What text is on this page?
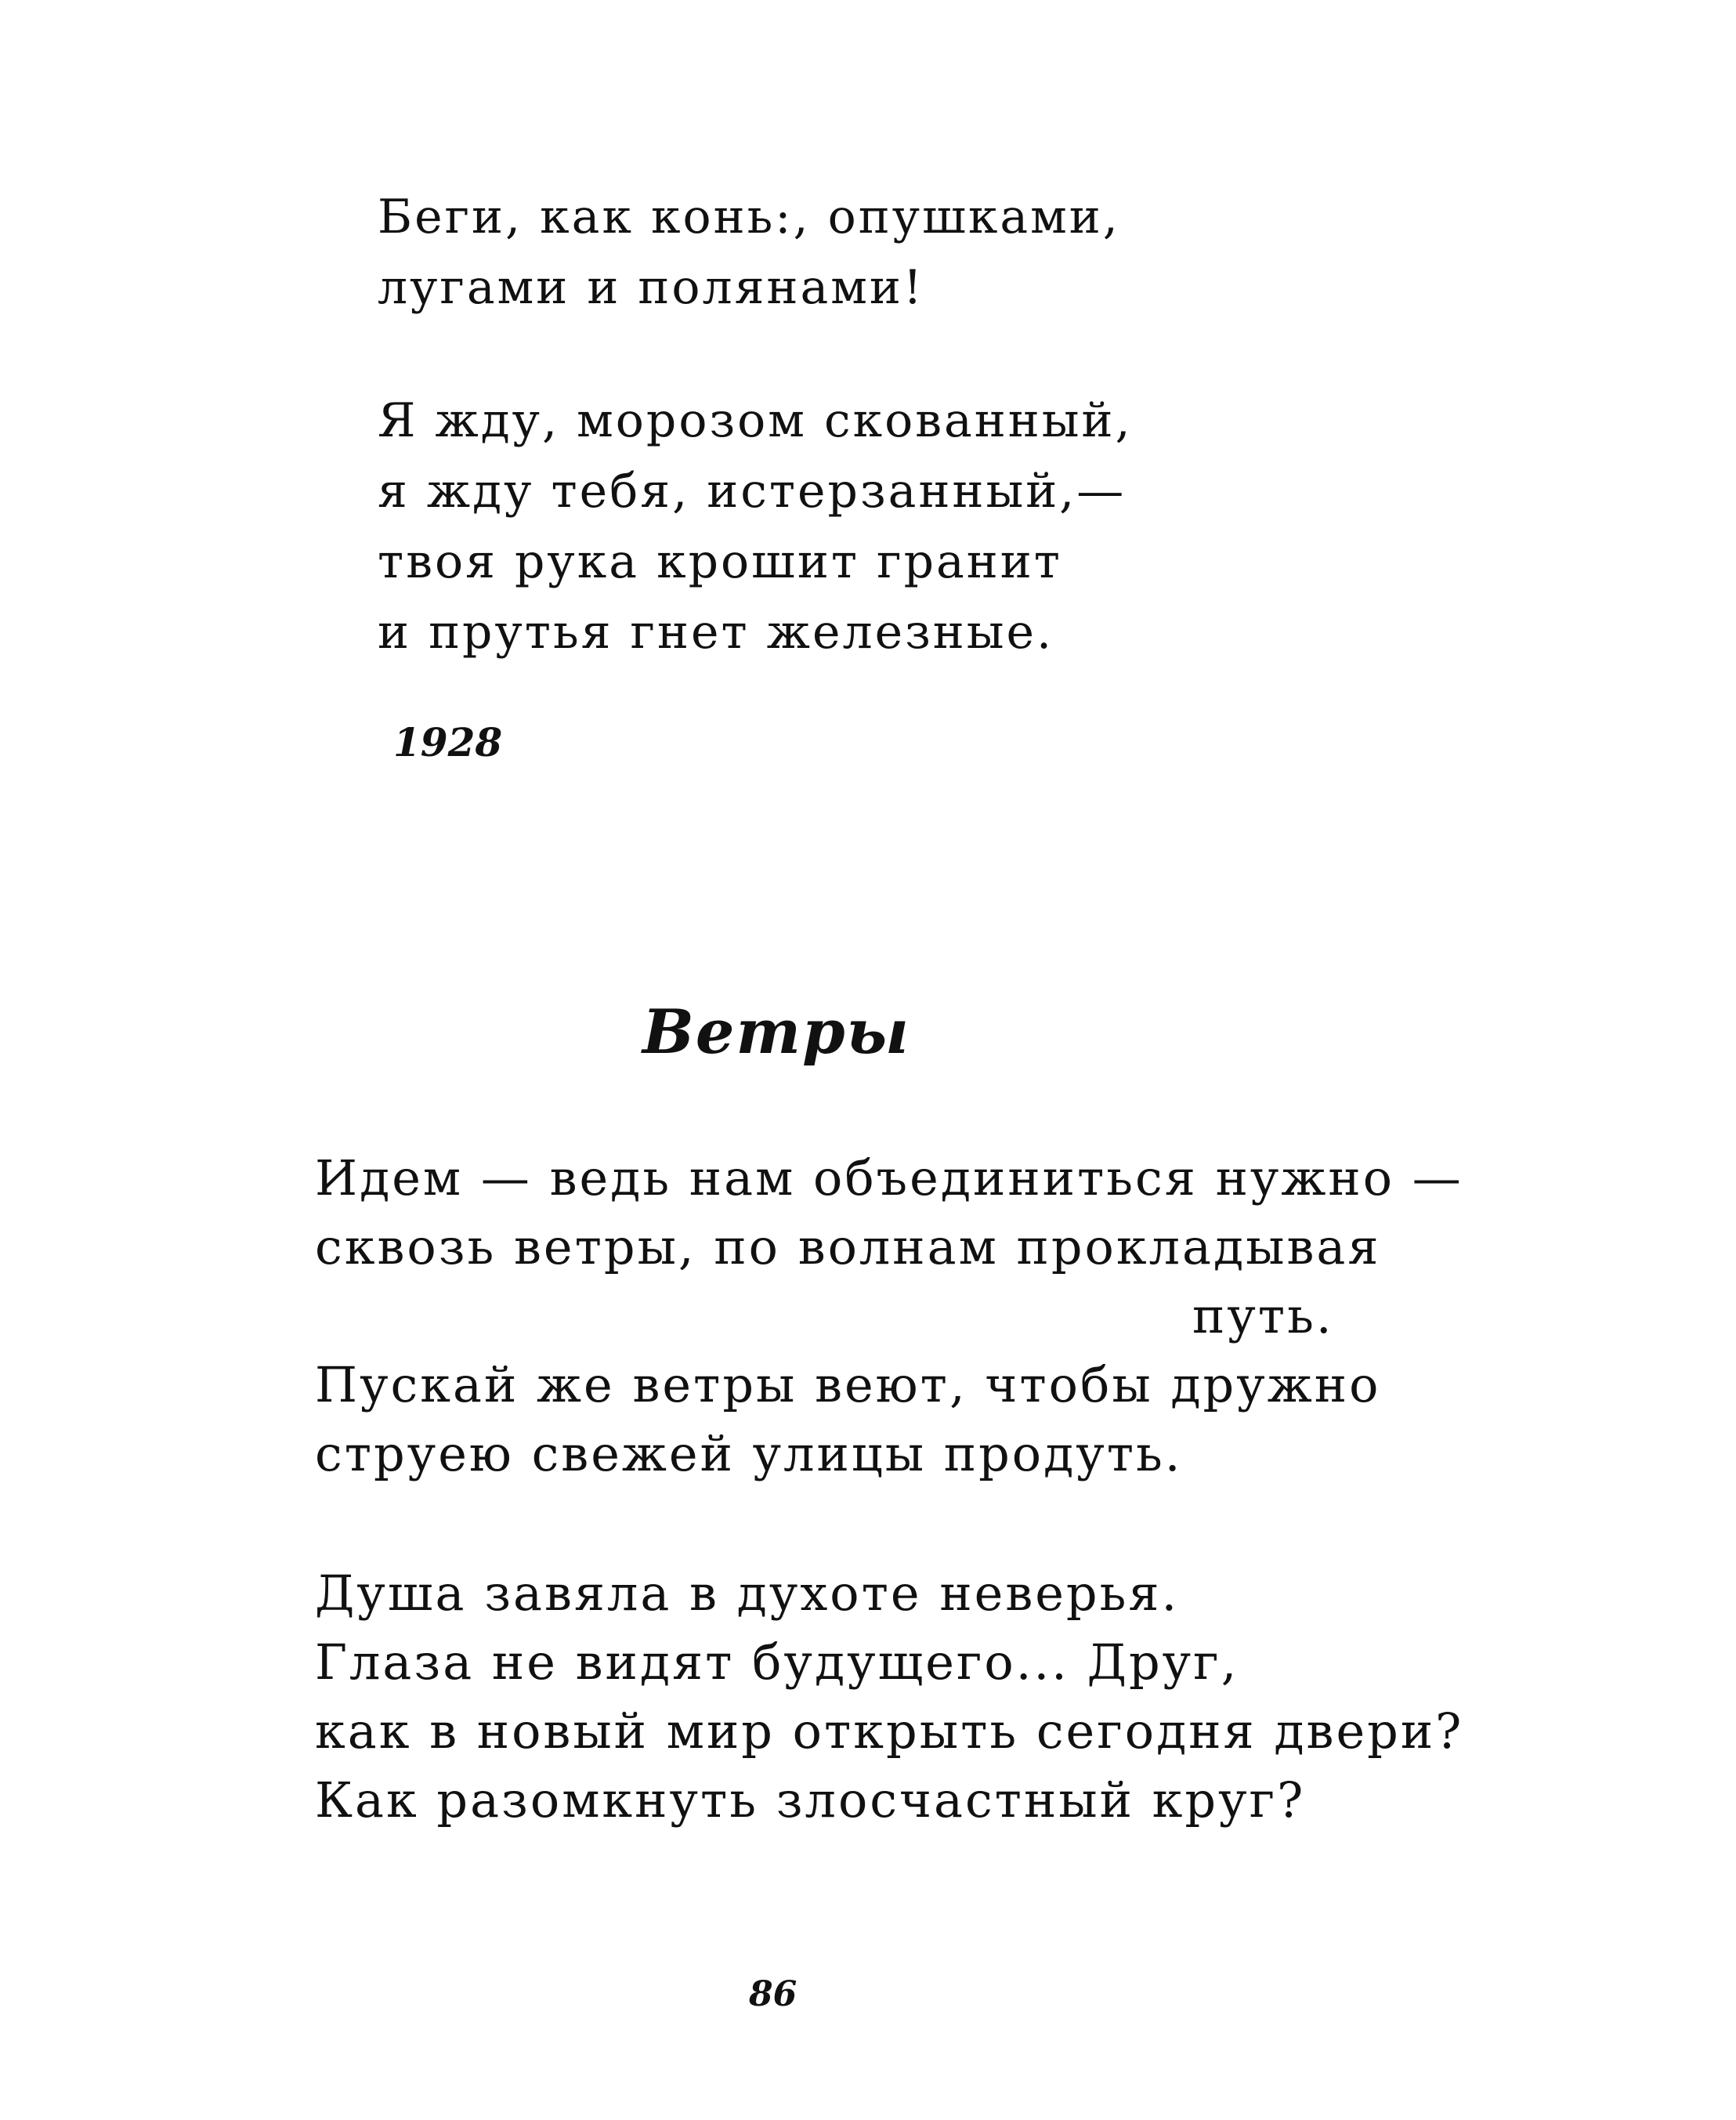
Беги, как конь:, опушками,
лугами и полянами!
Я жду, морозом скованный,
я жду тебя, истерзанный,—
твоя рука крошит гранит
и прутья гнет железные.
1928
Ветры
Идем — ведь нам объединиться нужно —
сквозь ветры, по волнам прокладывая
путь.
Пускай же ветры веют, чтобы дружно
струею свежей улицы продуть.
Душа завяла в духоте неверья.
Глаза не видят будущего... Друг,
как в новый мир открыть сегодня двери?
Как разомкнуть злосчастный круг?
86
